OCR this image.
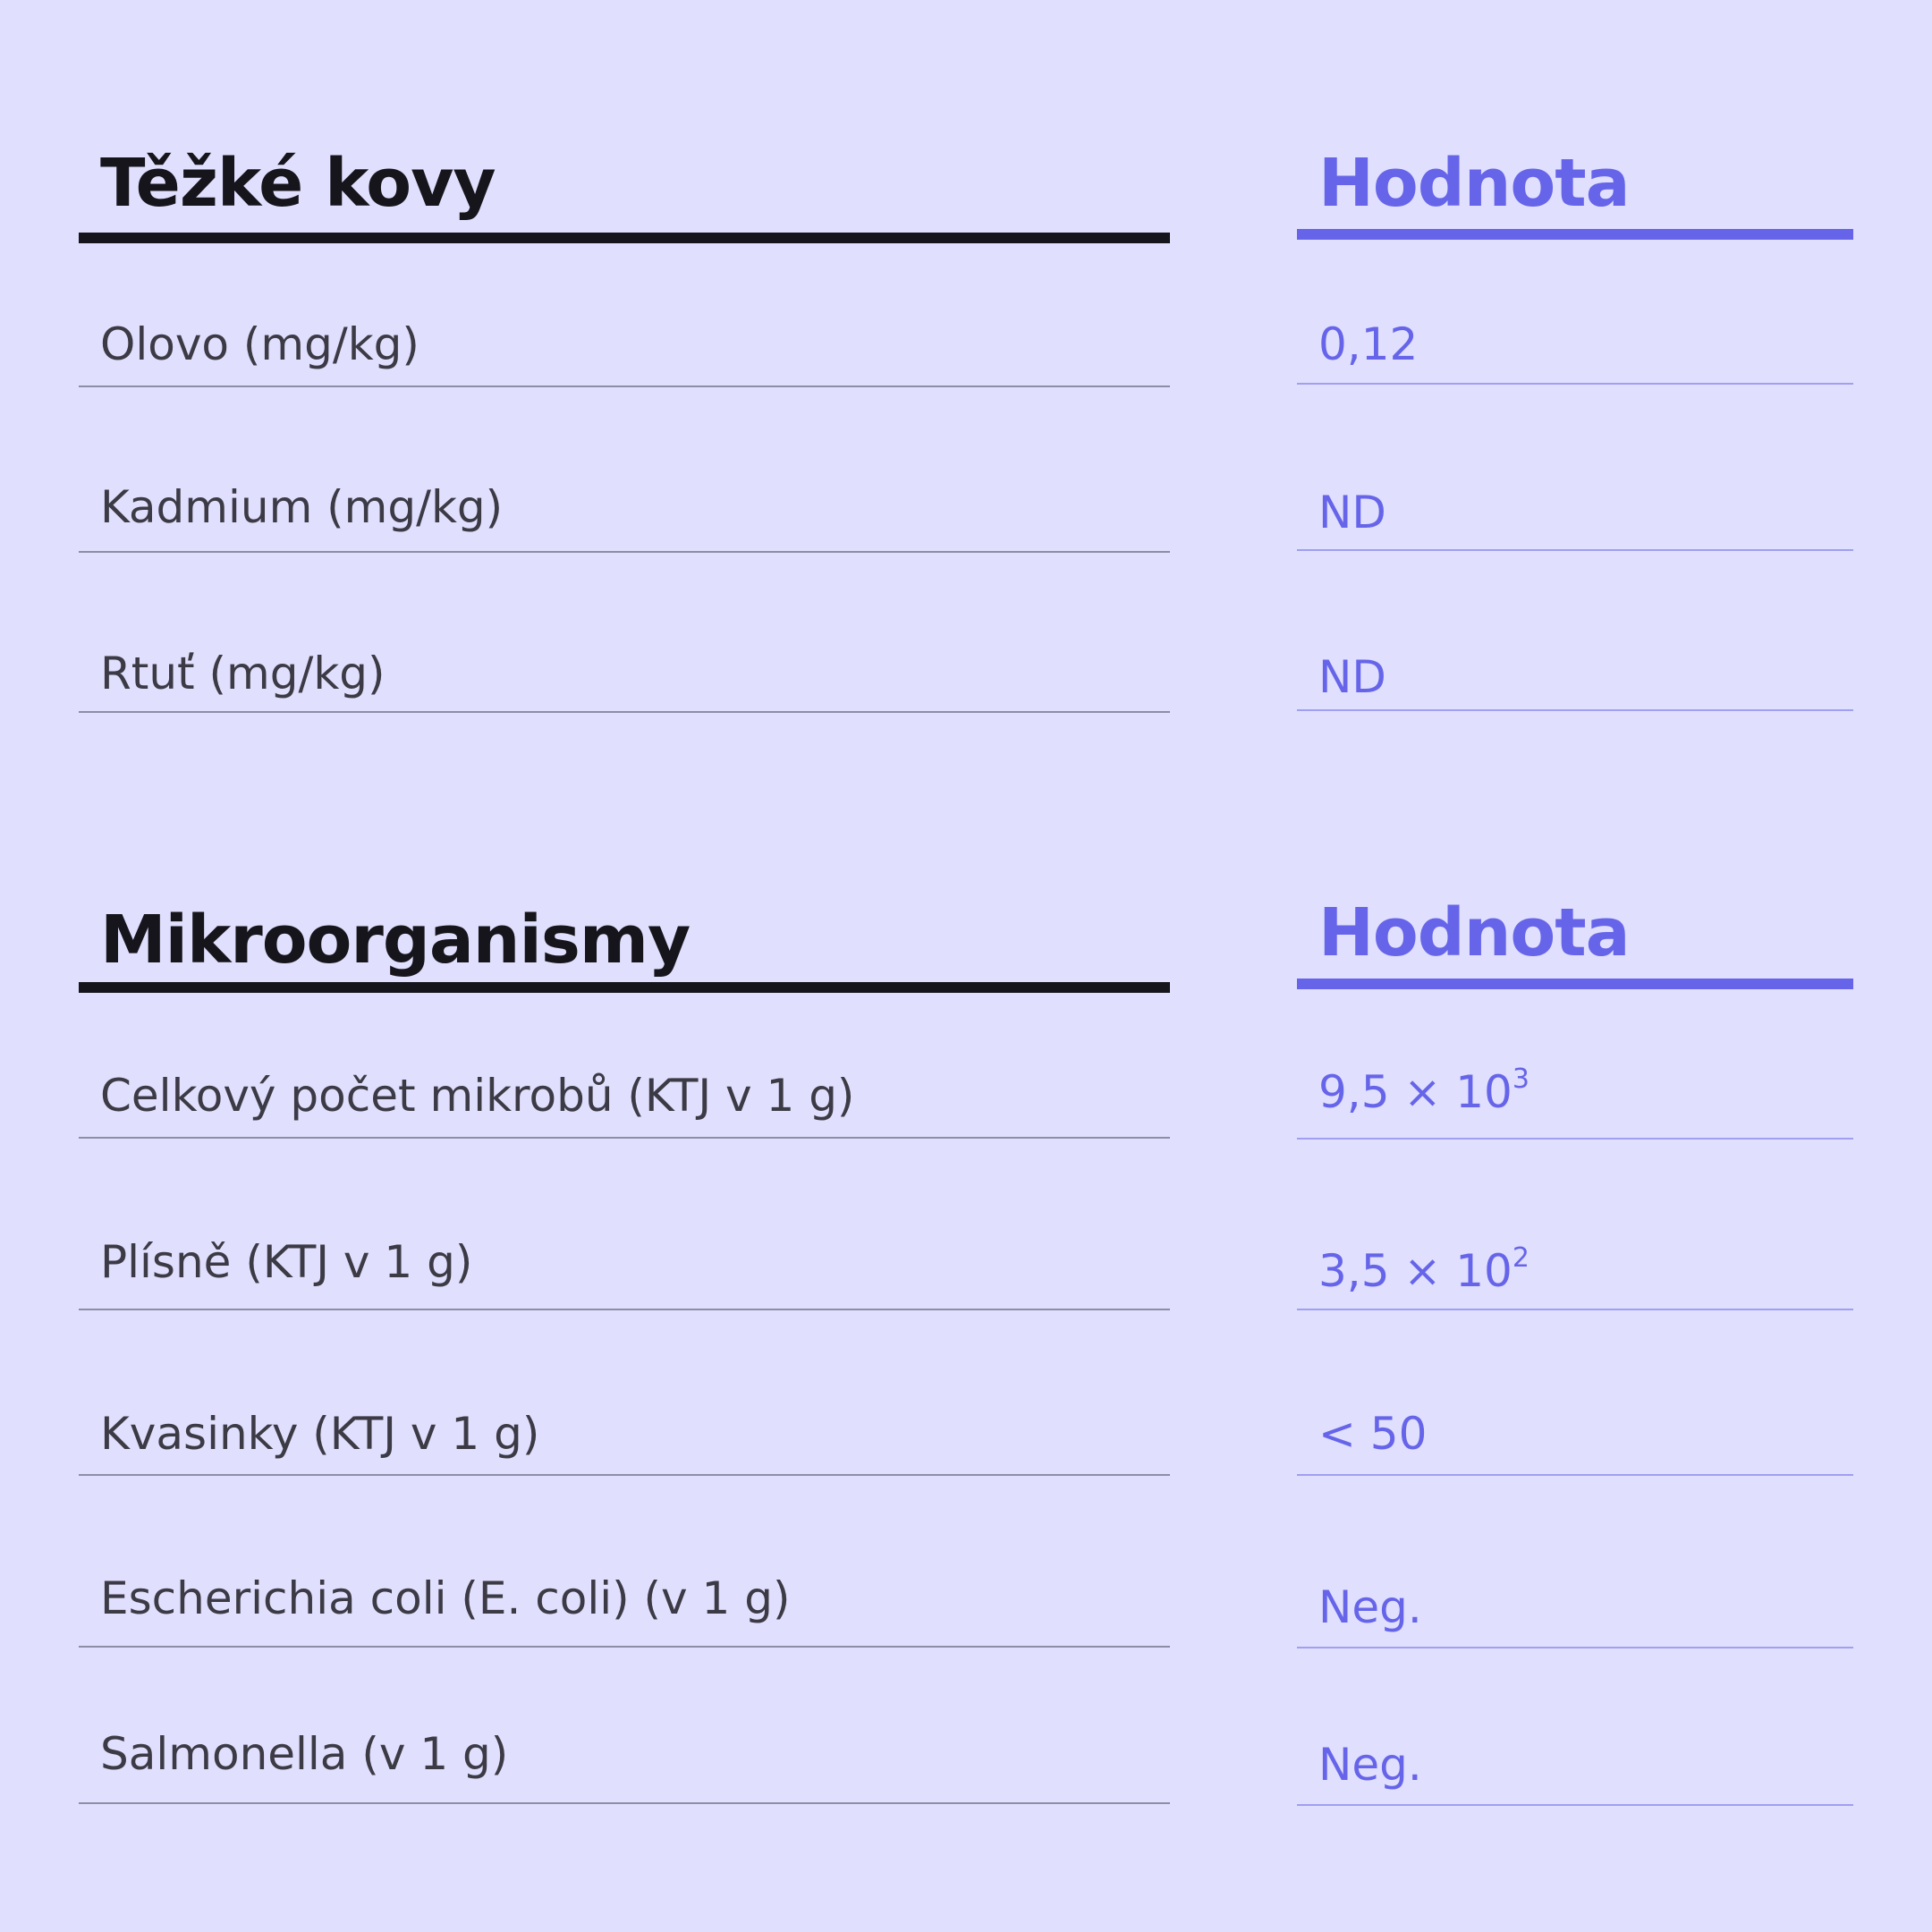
Těžké kovy	Hodnota
Olovo (mg/kg)	0,12
Kadmium (mg/kg)	ND
Rtuť (mg/kg)	ND
Mikroorganismy	Hodnota
Celkový počet mikrobů (KTJ v 1 g)	$9,5 \times 10^3$
Plísně (KTJ v 1 g)	$3,5 \times 10^2$
Kvasinky (KTJ v 1 g)	< 50
Escherichia coli (E. coli) (v 1 g)	Neg.
Salmonella (v 1 g)	Neg.
